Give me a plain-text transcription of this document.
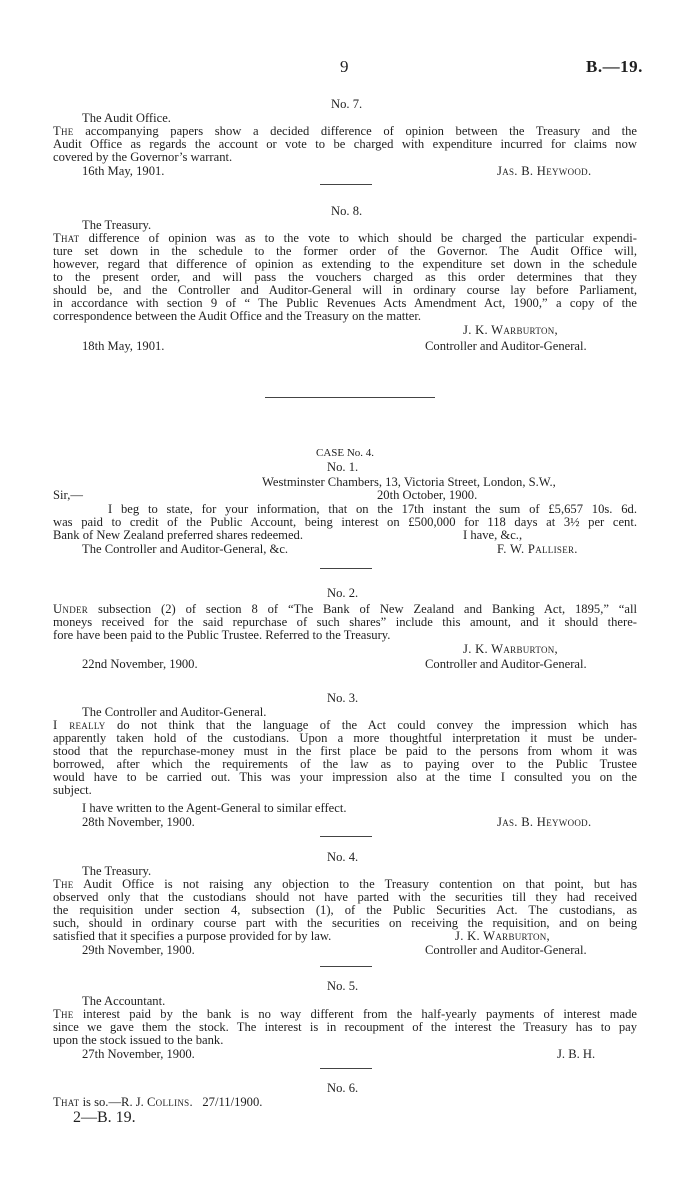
9	B.—19.
No. 7.
The Audit Office.
The accompanying papers show a decided difference of opinion between the Treasury and the
Audit Office as regards the account or vote to be charged with expenditure incurred for claims now
covered by the Governor’s warrant.
16th May, 1901.	Jas. B. Heywood.
No. 8.
The Treasury.
That difference of opinion was as to the vote to which should be charged the particular expendi-
ture set down in the schedule to the former order of the Governor. The Audit Office will,
however, regard that difference of opinion as extending to the expenditure set down in the schedule
to the present order, and will pass the vouchers charged as this order determines that they
should be, and the Controller and Auditor-General will in ordinary course lay before Parliament,
in accordance with section 9 of “ The Public Revenues Acts Amendment Act, 1900,” a copy of the
correspondence between the Audit Office and the Treasury on the matter.
J. K. Warburton,
18th May, 1901.	Controller and Auditor-General.
CASE No. 4.
No. 1.
Westminster Chambers, 13, Victoria Street, London, S.W.,
Sir,—	20th October, 1900.
I beg to state, for your information, that on the 17th instant the sum of £5,657 10s. 6d.
was paid to credit of the Public Account, being interest on £500,000 for 118 days at 3½ per cent.
Bank of New Zealand preferred shares redeemed.	I have, &c.,
The Controller and Auditor-General, &c.	F. W. Palliser.
No. 2.
Under subsection (2) of section 8 of “The Bank of New Zealand and Banking Act, 1895,” “all
moneys received for the said repurchase of such shares” include this amount, and it should there-
fore have been paid to the Public Trustee. Referred to the Treasury.
J. K. Warburton,
22nd November, 1900.	Controller and Auditor-General.
No. 3.
The Controller and Auditor-General.
I really do not think that the language of the Act could convey the impression which has
apparently taken hold of the custodians. Upon a more thoughtful interpretation it must be under-
stood that the repurchase-money must in the first place be paid to the persons from whom it was
borrowed, after which the requirements of the law as to paying over to the Public Trustee
would have to be carried out. This was your impression also at the time I consulted you on the
subject.
I have written to the Agent-General to similar effect.
28th November, 1900.	Jas. B. Heywood.
No. 4.
The Treasury.
The Audit Office is not raising any objection to the Treasury contention on that point, but has
observed only that the custodians should not have parted with the securities till they had received
the requisition under section 4, subsection (1), of the Public Securities Act. The custodians, as
such, should in ordinary course part with the securities on receiving the requisition, and on being
satisfied that it specifies a purpose provided for by law.	J. K. Warburton,
29th November, 1900.	Controller and Auditor-General.
No. 5.
The Accountant.
The interest paid by the bank is no way different from the half-yearly payments of interest made
since we gave them the stock. The interest is in recoupment of the interest the Treasury has to pay
upon the stock issued to the bank.
27th November, 1900.	J. B. H.
No. 6.
That is so.—R. J. Collins. 27/11/1900.
2—B. 19.
